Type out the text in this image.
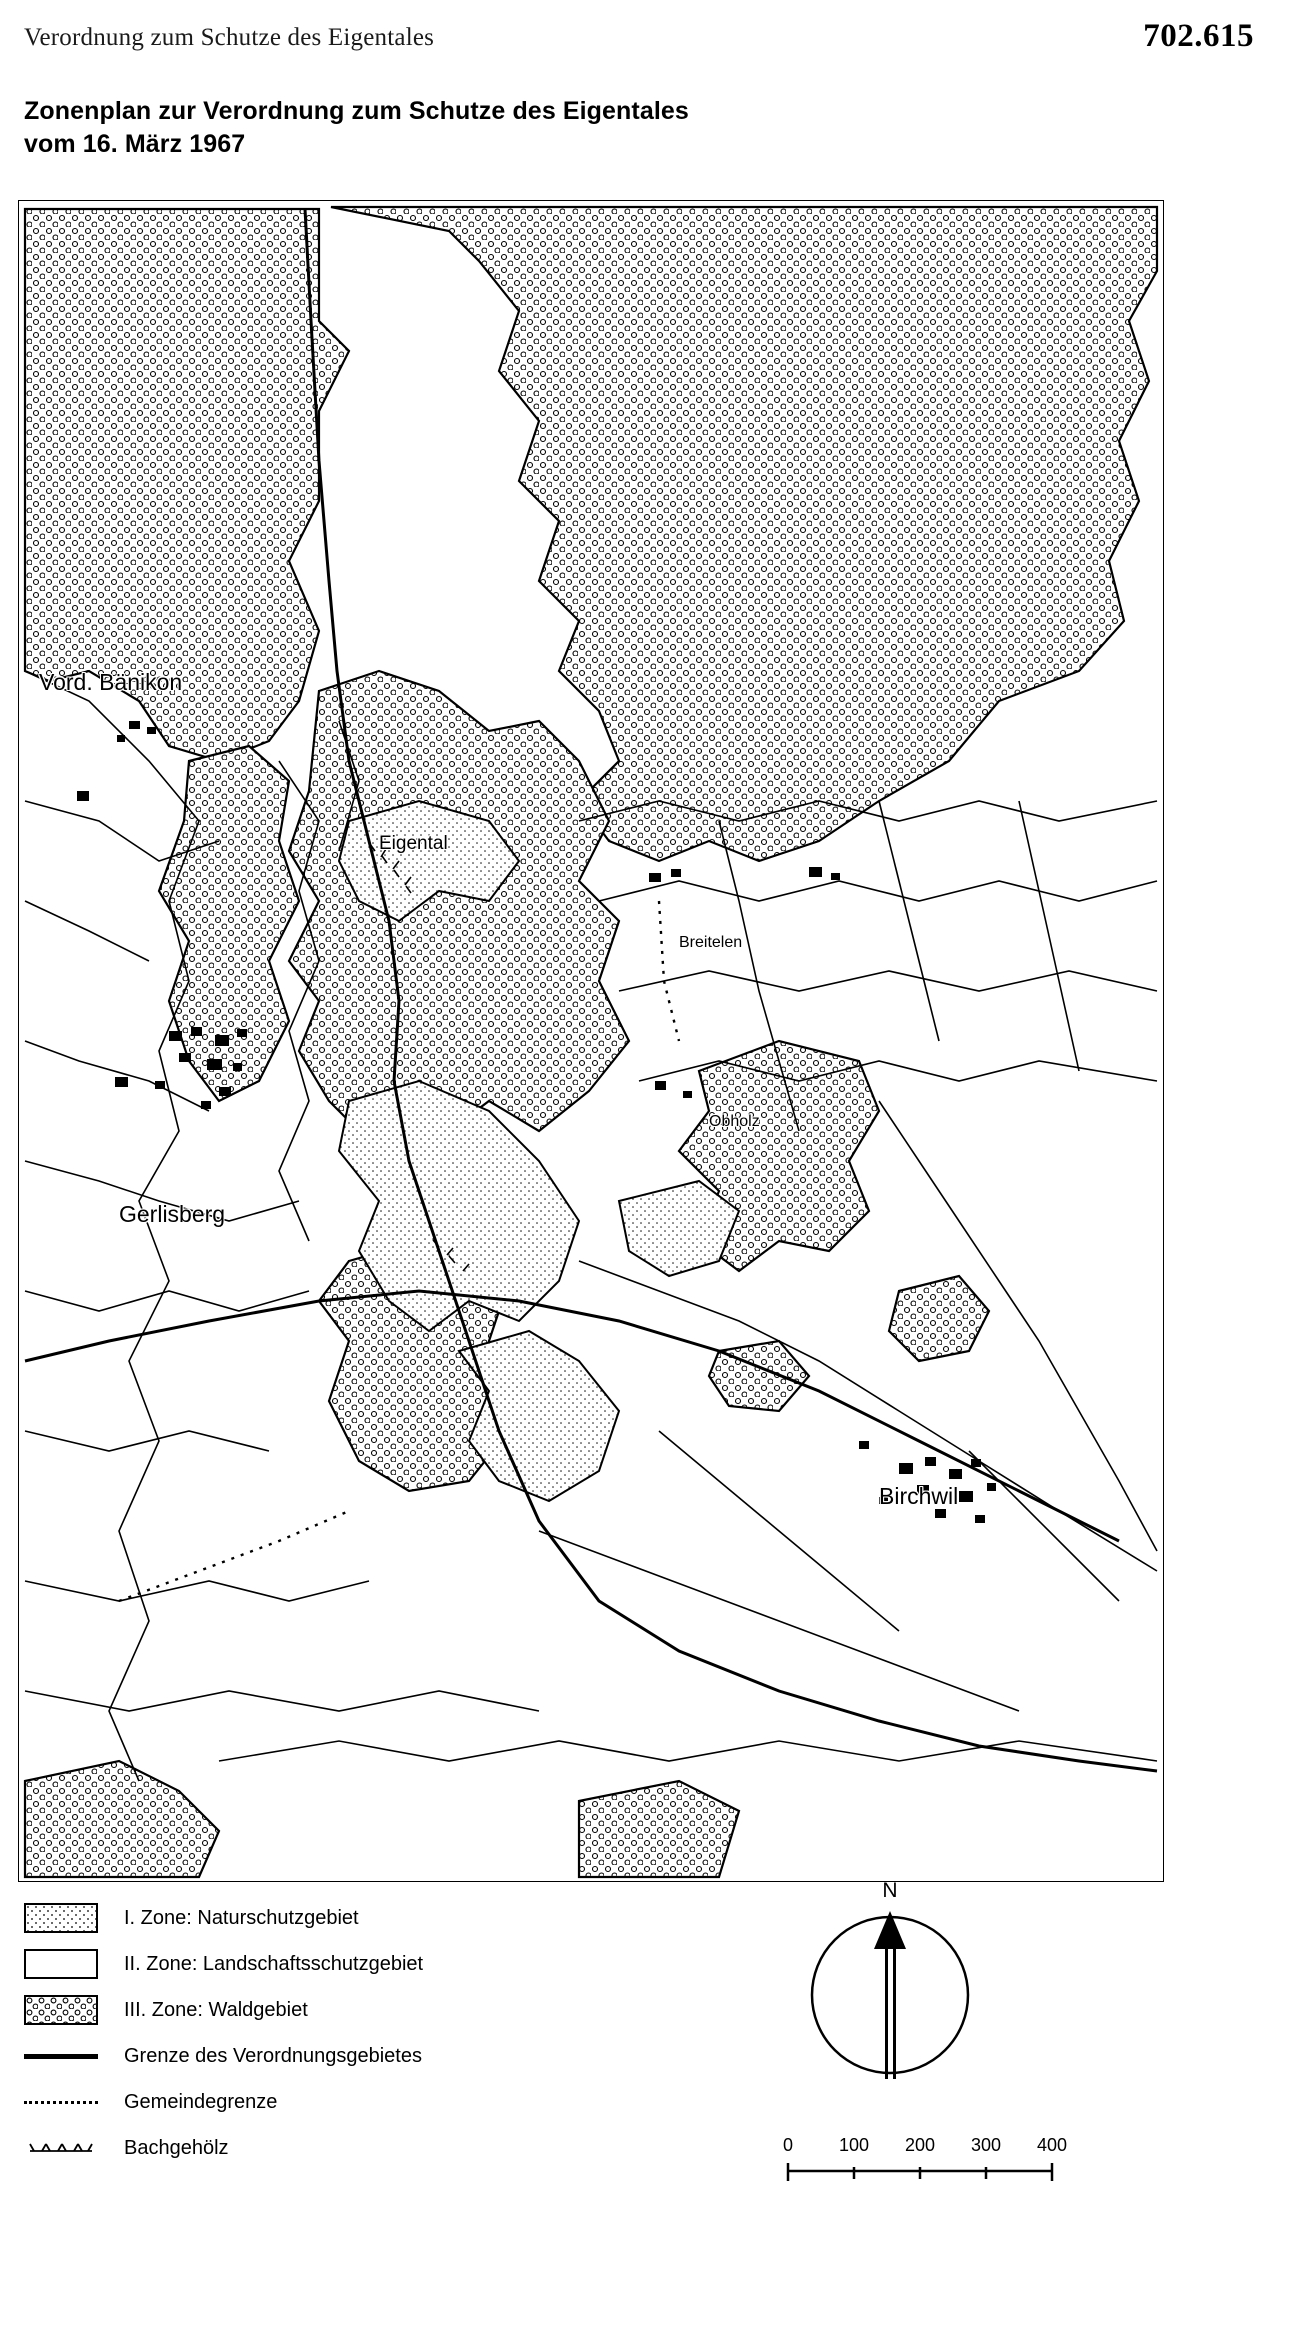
Verordnung zum Schutze des Eigentales	702.615
Zonenplan zur Verordnung zum Schutze des Eigentales
vom 16. März 1967
Vord. Bänikon
Eigental
Breitelen
Obholz
Gerlisberg
Birchwil
I. Zone: Naturschutzgebiet
II. Zone: Landschaftsschutzgebiet
III. Zone: Waldgebiet
Grenze des Verordnungsgebietes
Gemeindegrenze
Bachgehölz
N
0	100 200 300 400
